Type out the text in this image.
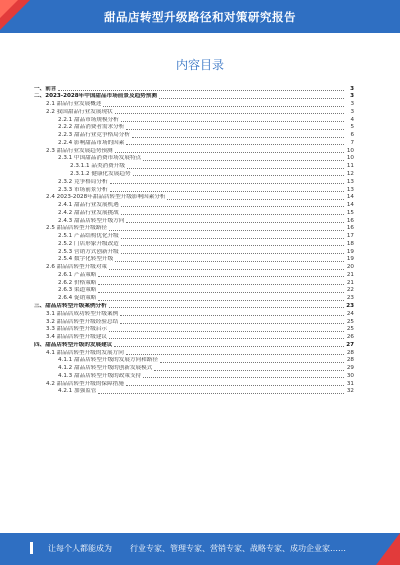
甜品店转型升级路径和对策研究报告
内容目录
一、前言	3
二、2023-2028年中国甜品市场前景及趋势预测	3
2.1 甜品行业发展概述	3
2.2 我国甜品行业发展现状	3
2.2.1 甜品市场规模分析	4
2.2.2 甜品消费者需求分析	5
2.2.3 甜品行业竞争格局分析	6
2.2.4 影响甜品市场的因素	7
2.3 甜品行业发展趋势预测	10
2.3.1 中国甜品消费市场发展特点	10
2.3.1.1 品类消费升级	11
2.3.1.2 健康化发展趋势	12
2.3.2 竞争格局分析	13
2.3.3 市场前景分析	13
2.4 2023-2028年甜品店转型升级影响因素分析	14
2.4.1 甜品行业发展机遇	14
2.4.2 甜品行业发展挑战	15
2.4.3 甜品店转型升级方向	16
2.5 甜品店转型升级路径	16
2.5.1 产品结构优化升级	17
2.5.2 门店形象升级改造	18
2.5.3 营销方式创新升级	19
2.5.4 数字化转型升级	19
2.6 甜品店转型升级对策	20
2.6.1 产品策略	21
2.6.2 价格策略	21
2.6.3 渠道策略	22
2.6.4 促销策略	23
三、甜品店转型升级案例分析	23
3.1 甜品店成功转型升级案例	24
3.2 甜品店转型升级经验总结	25
3.3 甜品店转型升级启示	25
3.4 甜品店转型升级建议	26
四、甜品店转型升级的发展建议	27
4.1 甜品店转型升级的发展方向	28
4.1.1 甜品店转型升级的发展方向和路径	28
4.1.2 甜品店转型升级的创新发展模式	29
4.1.3 甜品店转型升级的政策支持	30
4.2 甜品店转型升级的保障措施	31
4.2.1 加强监管	32
让每个人都能成为 行业专家、管理专家、营销专家、战略专家、成功企业家……
